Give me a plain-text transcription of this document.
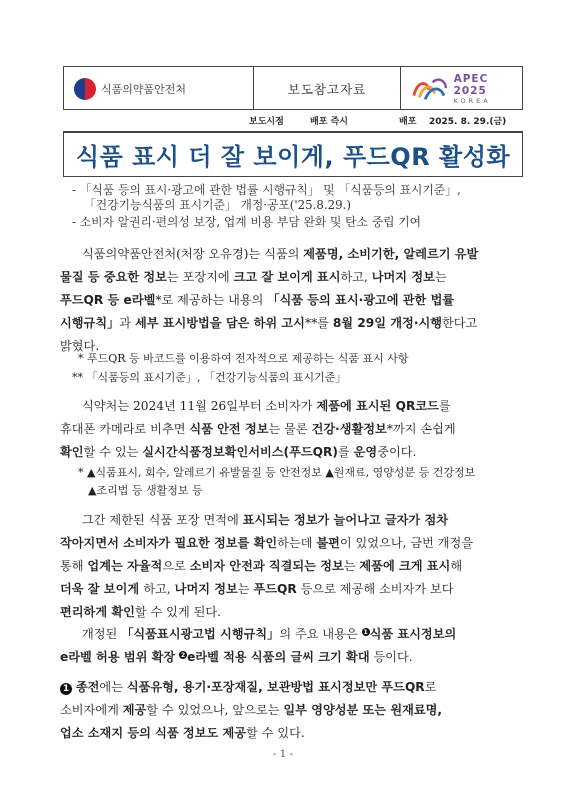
식품의약품안전처	보도참고자료
APEC 2025
KOREA
보도시점	배포 즉시	배포 2025. 8. 29.(금)
식품 표시 더 잘 보이게, 푸드QR 활성화
- 「식품 등의 표시·광고에 관한 법률 시행규칙」 및 「식품등의 표시기준」,
「건강기능식품의 표시기준」 개정·공포('25.8.29.)
- 소비자 알권리·편의성 보장, 업계 비용 부담 완화 및 탄소 중립 기여
식품의약품안전처(처장 오유경)는 식품의 제품명, 소비기한, 알레르기 유발
물질 등 중요한 정보는 포장지에 크고 잘 보이게 표시하고, 나머지 정보는
푸드QR 등 e라벨*로 제공하는 내용의 「식품 등의 표시·광고에 관한 법률
시행규칙」과 세부 표시방법을 담은 하위 고시**를 8월 29일 개정·시행한다고
밝혔다.
* 푸드QR 등 바코드를 이용하여 전자적으로 제공하는 식품 표시 사항
** 「식품등의 표시기준」, 「건강기능식품의 표시기준」
식약처는 2024년 11월 26일부터 소비자가 제품에 표시된 QR코드를
휴대폰 카메라로 비추면 식품 안전 정보는 물론 건강·생활정보*까지 손쉽게
확인할 수 있는 실시간식품정보확인서비스(푸드QR)를 운영중이다.
* ▲식품표시, 회수, 알레르기 유발물질 등 안전정보 ▲원재료, 영양성분 등 건강정보
▲조리법 등 생활정보 등
그간 제한된 식품 포장 면적에 표시되는 정보가 늘어나고 글자가 점차
작아지면서 소비자가 필요한 정보를 확인하는데 불편이 있었으나, 금번 개정을
통해 업계는 자율적으로 소비자 안전과 직결되는 정보는 제품에 크게 표시해
더욱 잘 보이게 하고, 나머지 정보는 푸드QR 등으로 제공해 소비자가 보다
편리하게 확인할 수 있게 된다.
개정된 「식품표시광고법 시행규칙」의 주요 내용은 1 식품 표시정보의
e라벨 허용 범위 확장 2 e라벨 적용 식품의 글씨 크기 확대 등이다.
1 종전에는 식품유형, 용기·포장재질, 보관방법 표시정보만 푸드QR로
소비자에게 제공할 수 있었으나, 앞으로는 일부 영양성분 또는 원재료명,
업소 소재지 등의 식품 정보도 제공할 수 있다.
- 1 -
